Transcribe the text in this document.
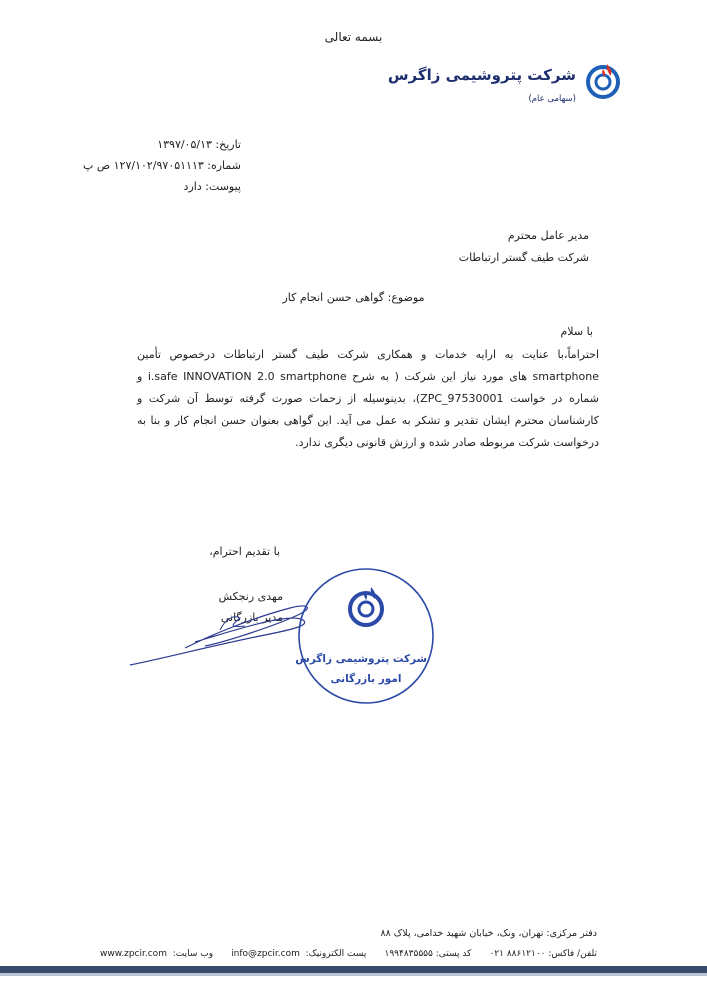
بسمه تعالی
شرکت پتروشیمی زاگرس
(سهامی عام)
تاریخ: ۱۳۹۷/۰۵/۱۳
شماره: ۱۲۷/۱۰۲/۹۷۰۵۱۱۱۳ ص پ
پیوست: دارد
مدیر عامل محترم
شرکت طیف گستر ارتباطات
موضوع: گواهی حسن انجام کار
با سلام
احتراماً،با عنایت به ارایه خدمات و همکاری شرکت طیف گستر ارتباطات درخصوص تأمین smartphone های مورد نیاز این شرکت ( به شرح i.safe INNOVATION 2.0 smartphone و شماره در خواست ZPC_97530001)، بدینوسیله از زحمات صورت گرفته توسط آن شرکت و کارشناسان محترم ایشان تقدیر و تشکر به عمل می آید. این گواهی بعنوان حسن انجام کار و بنا به درخواست شرکت مربوطه صادر شده و ارزش قانونی دیگری ندارد.
با تقدیم احترام،
مهدی رنجکش
مدیر بازرگانی
شرکت پتروشیمی زاگرس
امور بازرگانی
دفتر مرکزی: تهران، ونک، خیابان شهید خدامی، پلاک ۸۸
www.zpcir.com وب سایت: info@zpcir.com پست الکترونیک: کد پستی: ۱۹۹۴۸۳۵۵۵۵ تلفن/ فاکس: ۸۸۶۱۲۱۰۰ ۰۲۱
